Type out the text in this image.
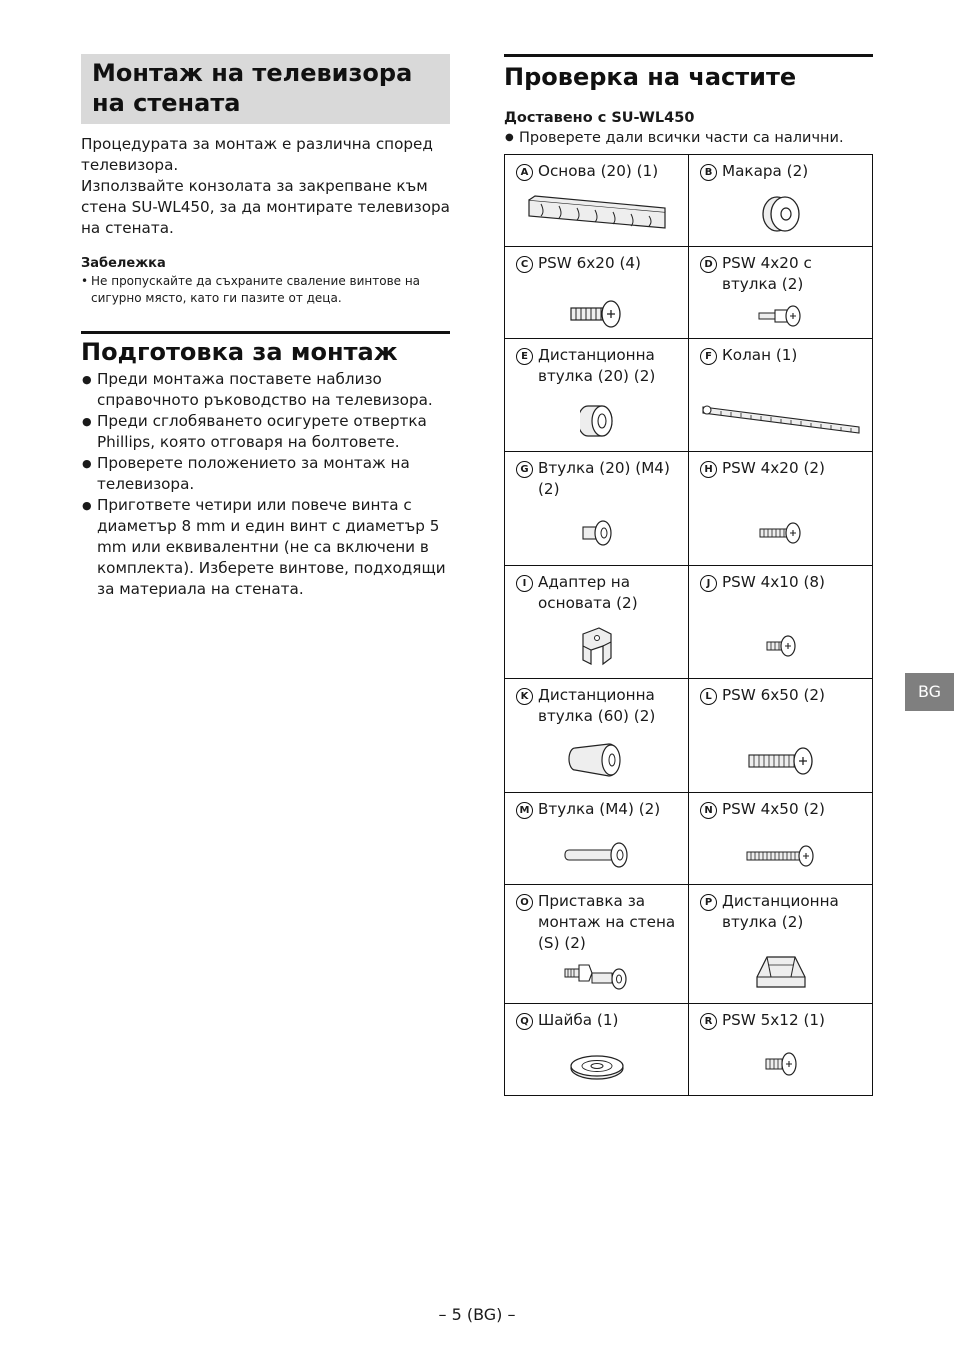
Монтаж на телевизора на стената

Процедурата за монтаж е различна според телевизора.

Използвайте конзолата за закрепване към стена SU-WL450, за да монтирате телевизора на стената.

Забележка
• Не пропускайте да съхраните сваление винтове на сигурно място, като ги пазите от деца.
Подготовка за монтаж
● Преди монтажа поставете наблизо справочното ръководство на телевизора.
● Преди сглобяването осигурете отвертка Phillips, която отговаря на болтовете.
● Проверете положението за монтаж на телевизора.
● Пригответе четири или повече винта с диаметър 8 mm и един винт с диаметър 5 mm или еквивалентни (не са включени в комплекта). Изберете винтове, подходящи за материала на стената.
Проверка на частите
Доставено с SU-WL450
● Проверете дали всички части са налични.
A Основа (20) (1)	B Макара (2)

C PSW 6x20 (4)	D PSW 4x20 с втулка (2)

E Дистанционна втулка (20) (2)	F Колан (1)

G Втулка (20) (M4) (2)	H PSW 4x20 (2)

I Адаптер на основата (2)	J PSW 4x10 (8)

K Дистанционна втулка (60) (2)	L PSW 6x50 (2)

M Втулка (M4) (2)	N PSW 4x50 (2)

O Приставка за монтаж на стена (S) (2)	P Дистанционна втулка (2)

Q Шайба (1)	R PSW 5x12 (1)
BG
– 5 (BG) –
